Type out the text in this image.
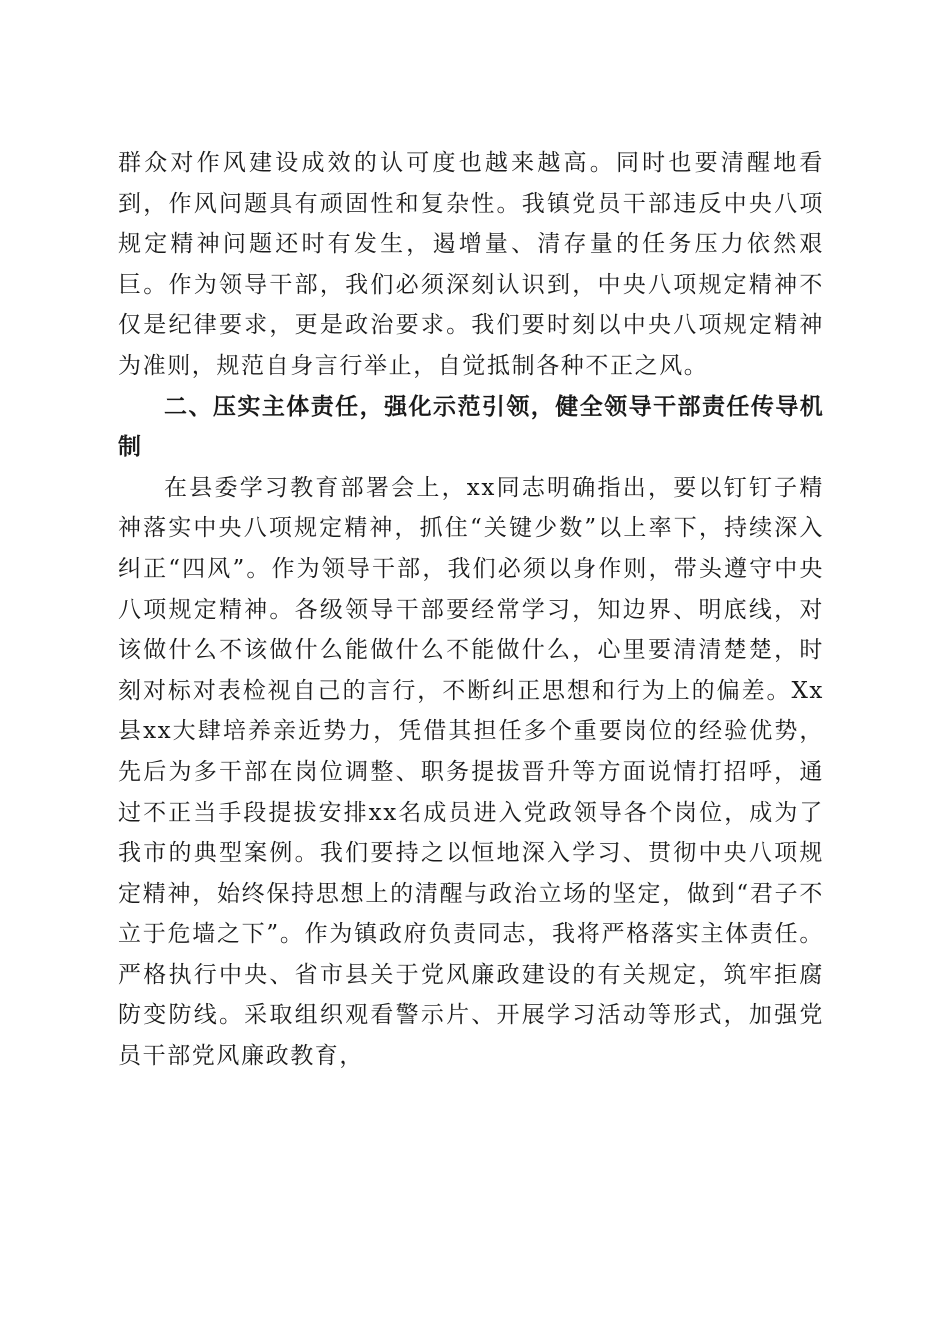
群众对作风建设成效的认可度也越来越高。同时也要清醒地看到，作风问题具有顽固性和复杂性。我镇党员干部违反中央八项规定精神问题还时有发生，遏增量、清存量的任务压力依然艰巨。作为领导干部，我们必须深刻认识到，中央八项规定精神不仅是纪律要求，更是政治要求。我们要时刻以中央八项规定精神为准则，规范自身言行举止，自觉抵制各种不正之风。

二、压实主体责任，强化示范引领，健全领导干部责任传导机制

在县委学习教育部署会上，xx同志明确指出，要以钉钉子精神落实中央八项规定精神，抓住“关键少数”以上率下，持续深入纠正“四风”。作为领导干部，我们必须以身作则，带头遵守中央八项规定精神。各级领导干部要经常学习，知边界、明底线，对该做什么不该做什么能做什么不能做什么，心里要清清楚楚，时刻对标对表检视自己的言行，不断纠正思想和行为上的偏差。Xx县xx大肆培养亲近势力，凭借其担任多个重要岗位的经验优势，先后为多干部在岗位调整、职务提拔晋升等方面说情打招呼，通过不正当手段提拔安排xx名成员进入党政领导各个岗位，成为了我市的典型案例。我们要持之以恒地深入学习、贯彻中央八项规定精神，始终保持思想上的清醒与政治立场的坚定，做到“君子不立于危墙之下”。作为镇政府负责同志，我将严格落实主体责任。严格执行中央、省市县关于党风廉政建设的有关规定，筑牢拒腐防变防线。采取组织观看警示片、开展学习活动等形式，加强党员干部党风廉政教育，
